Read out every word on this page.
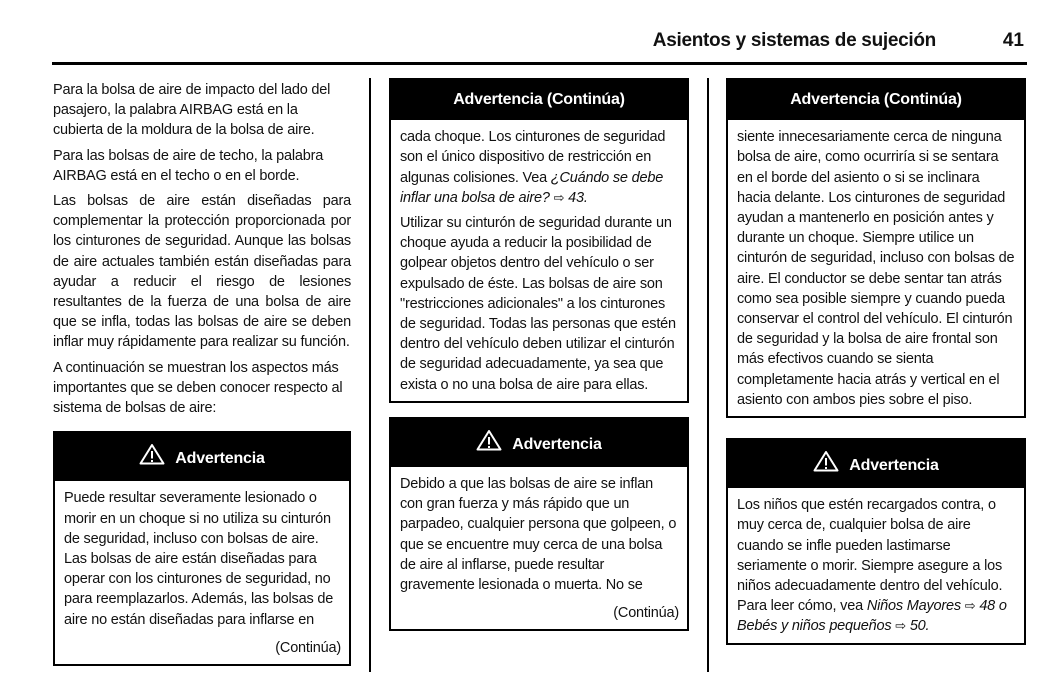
Asientos y sistemas de sujeción	41

Para la bolsa de aire de impacto del lado del pasajero, la palabra AIRBAG está en la cubierta de la moldura de la bolsa de aire.

Para las bolsas de aire de techo, la palabra AIRBAG está en el techo o en el borde.

Las bolsas de aire están diseñadas para complementar la protección proporcionada por los cinturones de seguridad. Aunque las bolsas de aire actuales también están diseñadas para ayudar a reducir el riesgo de lesiones resultantes de la fuerza de una bolsa de aire que se infla, todas las bolsas de aire se deben inflar muy rápidamente para realizar su función.

A continuación se muestran los aspectos más importantes que se deben conocer respecto al sistema de bolsas de aire:

Advertencia
Puede resultar severamente lesionado o morir en un choque si no utiliza su cinturón de seguridad, incluso con bolsas de aire. Las bolsas de aire están diseñadas para operar con los cinturones de seguridad, no para reemplazarlos. Además, las bolsas de aire no están diseñadas para inflarse en
(Continúa)
Advertencia (Continúa)

cada choque. Los cinturones de seguridad son el único dispositivo de restricción en algunas colisiones. Vea ¿Cuándo se debe inflar una bolsa de aire? ⇨ 43.

Utilizar su cinturón de seguridad durante un choque ayuda a reducir la posibilidad de golpear objetos dentro del vehículo o ser expulsado de éste. Las bolsas de aire son "restricciones adicionales" a los cinturones de seguridad. Todas las personas que estén dentro del vehículo deben utilizar el cinturón de seguridad adecuadamente, ya sea que exista o no una bolsa de aire para ellas.

Advertencia
Debido a que las bolsas de aire se inflan con gran fuerza y más rápido que un parpadeo, cualquier persona que golpeen, o que se encuentre muy cerca de una bolsa de aire al inflarse, puede resultar gravemente lesionada o muerta. No se
(Continúa)
Advertencia (Continúa)
siente innecesariamente cerca de ninguna bolsa de aire, como ocurriría si se sentara en el borde del asiento o si se inclinara hacia delante. Los cinturones de seguridad ayudan a mantenerlo en posición antes y durante un choque. Siempre utilice un cinturón de seguridad, incluso con bolsas de aire. El conductor se debe sentar tan atrás como sea posible siempre y cuando pueda conservar el control del vehículo. El cinturón de seguridad y la bolsa de aire frontal son más efectivos cuando se sienta completamente hacia atrás y vertical en el asiento con ambos pies sobre el piso.
Advertencia
Los niños que estén recargados contra, o muy cerca de, cualquier bolsa de aire cuando se infle pueden lastimarse seriamente o morir. Siempre asegure a los niños adecuadamente dentro del vehículo. Para leer cómo, vea Niños Mayores ⇨ 48 o Bebés y niños pequeños ⇨ 50.
